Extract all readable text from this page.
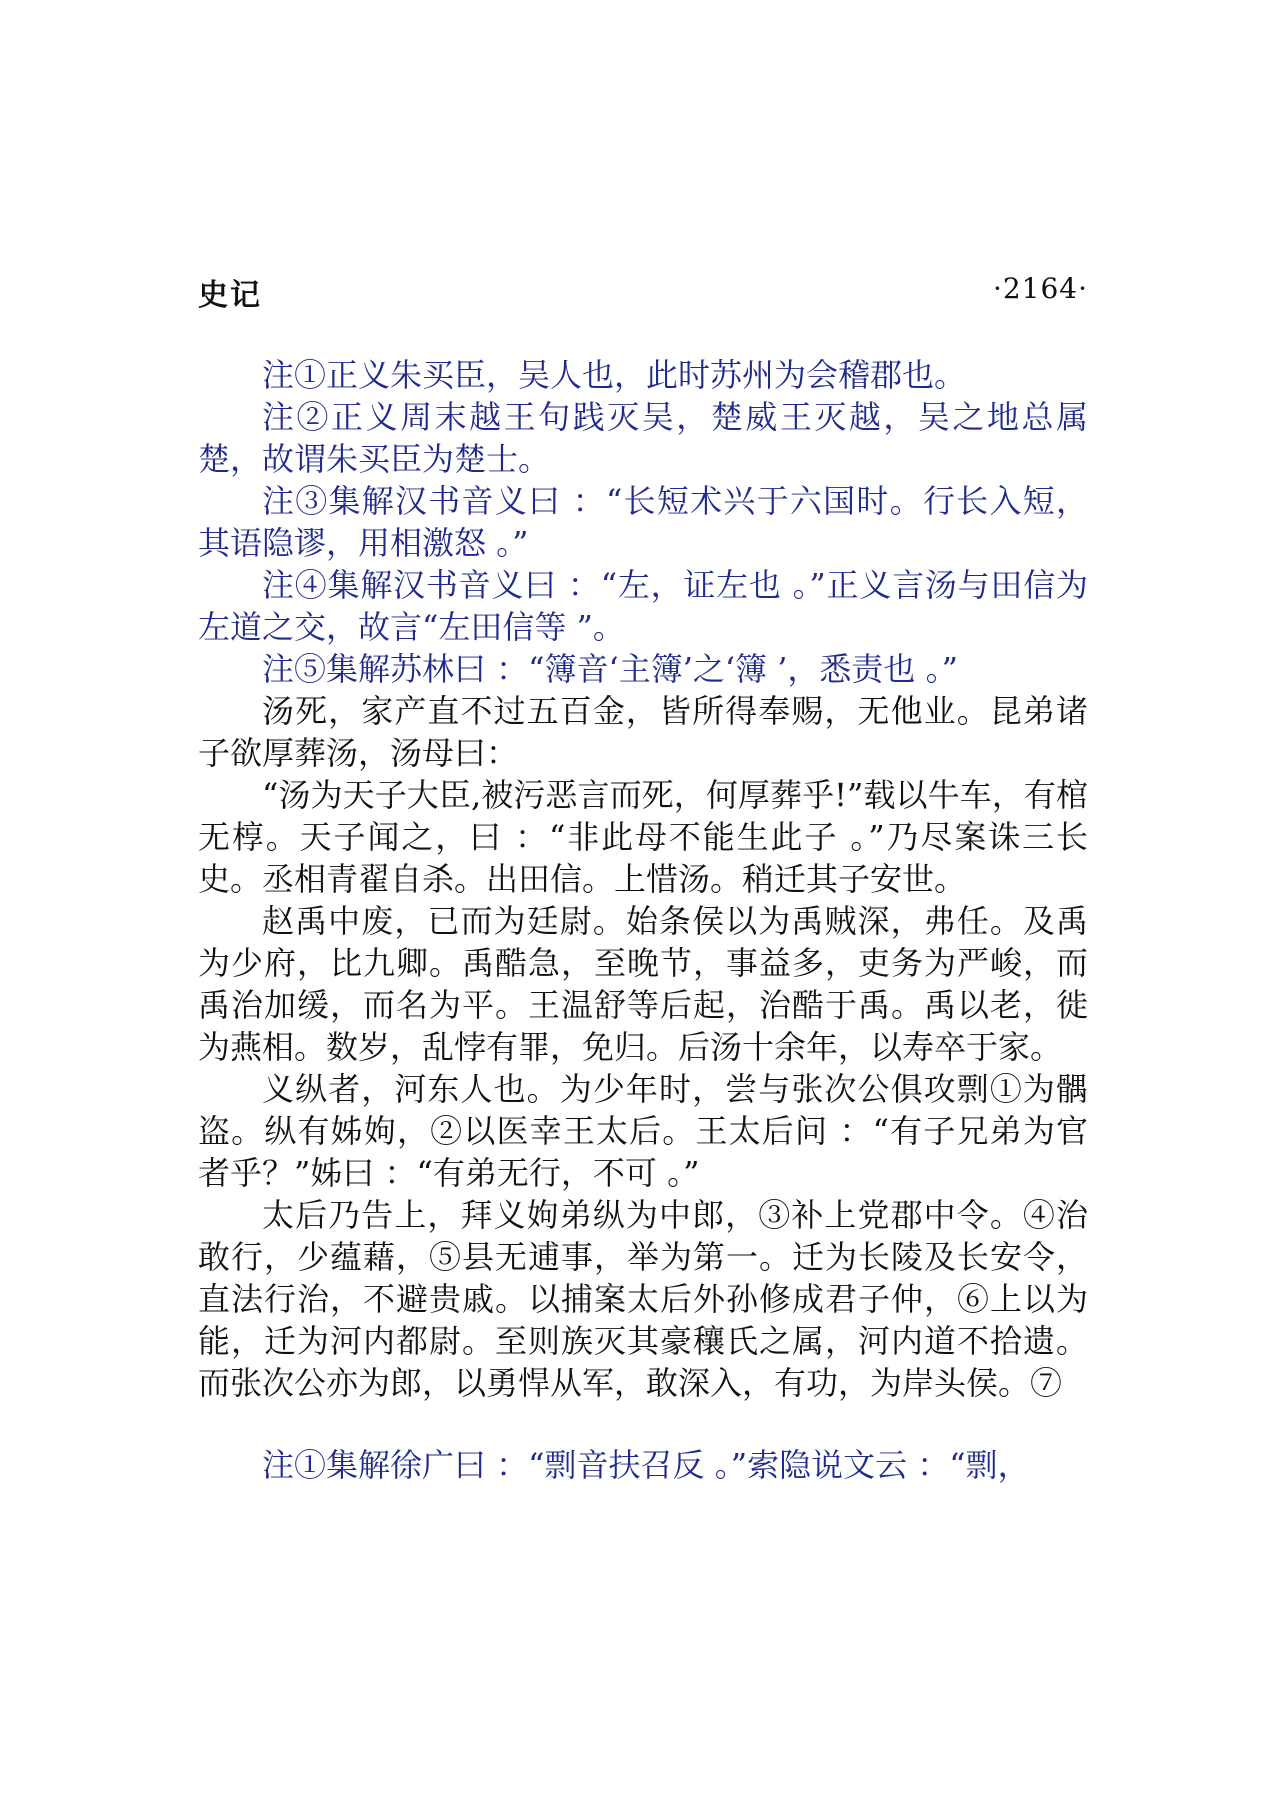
史记	·2164·

注①正义朱买臣，吴人也，此时苏州为会稽郡也。

注②正义周末越王句践灭吴，楚威王灭越，吴之地总属楚，故谓朱买臣为楚士。

注③集解汉书音义曰 ：“长短术兴于六国时。行长入短，其语隐谬，用相激怒 。”

注④集解汉书音义曰 ：“左，证左也 。”正义言汤与田信为左道之交，故言“左田信等 ”。

注⑤集解苏林曰 ：“簿音‘主簿’之‘簿 ’，悉责也 。”

汤死，家产直不过五百金，皆所得奉赐，无他业。昆弟诸子欲厚葬汤，汤母曰：

“汤为天子大臣,被污恶言而死，何厚葬乎!”载以牛车，有棺无椁。天子闻之，曰 ：“非此母不能生此子 。”乃尽案诛三长史。丞相青翟自杀。出田信。上惜汤。稍迁其子安世。

赵禹中废，已而为廷尉。始条侯以为禹贼深，弗任。及禹为少府，比九卿。禹酷急，至晚节，事益多，吏务为严峻，而禹治加缓，而名为平。王温舒等后起，治酷于禹。禹以老，徙为燕相。数岁，乱悖有罪，免归。后汤十余年，以寿卒于家。

义纵者，河东人也。为少年时，尝与张次公俱攻剽①为髃盗。纵有姊姁，②以医幸王太后。王太后问 ：“有子兄弟为官者乎？”姊曰 ：“有弟无行，不可 。”

太后乃告上，拜义姁弟纵为中郎，③补上党郡中令。④治敢行，少蕴藉，⑤县无逋事，举为第一。迁为长陵及长安令，直法行治，不避贵戚。以捕案太后外孙修成君子仲，⑥上以为能，迁为河内都尉。至则族灭其豪穰氏之属，河内道不拾遗。而张次公亦为郎，以勇悍从军，敢深入，有功，为岸头侯。⑦

注①集解徐广曰 ：“剽音扶召反 。”索隐说文云 ：“剽，
